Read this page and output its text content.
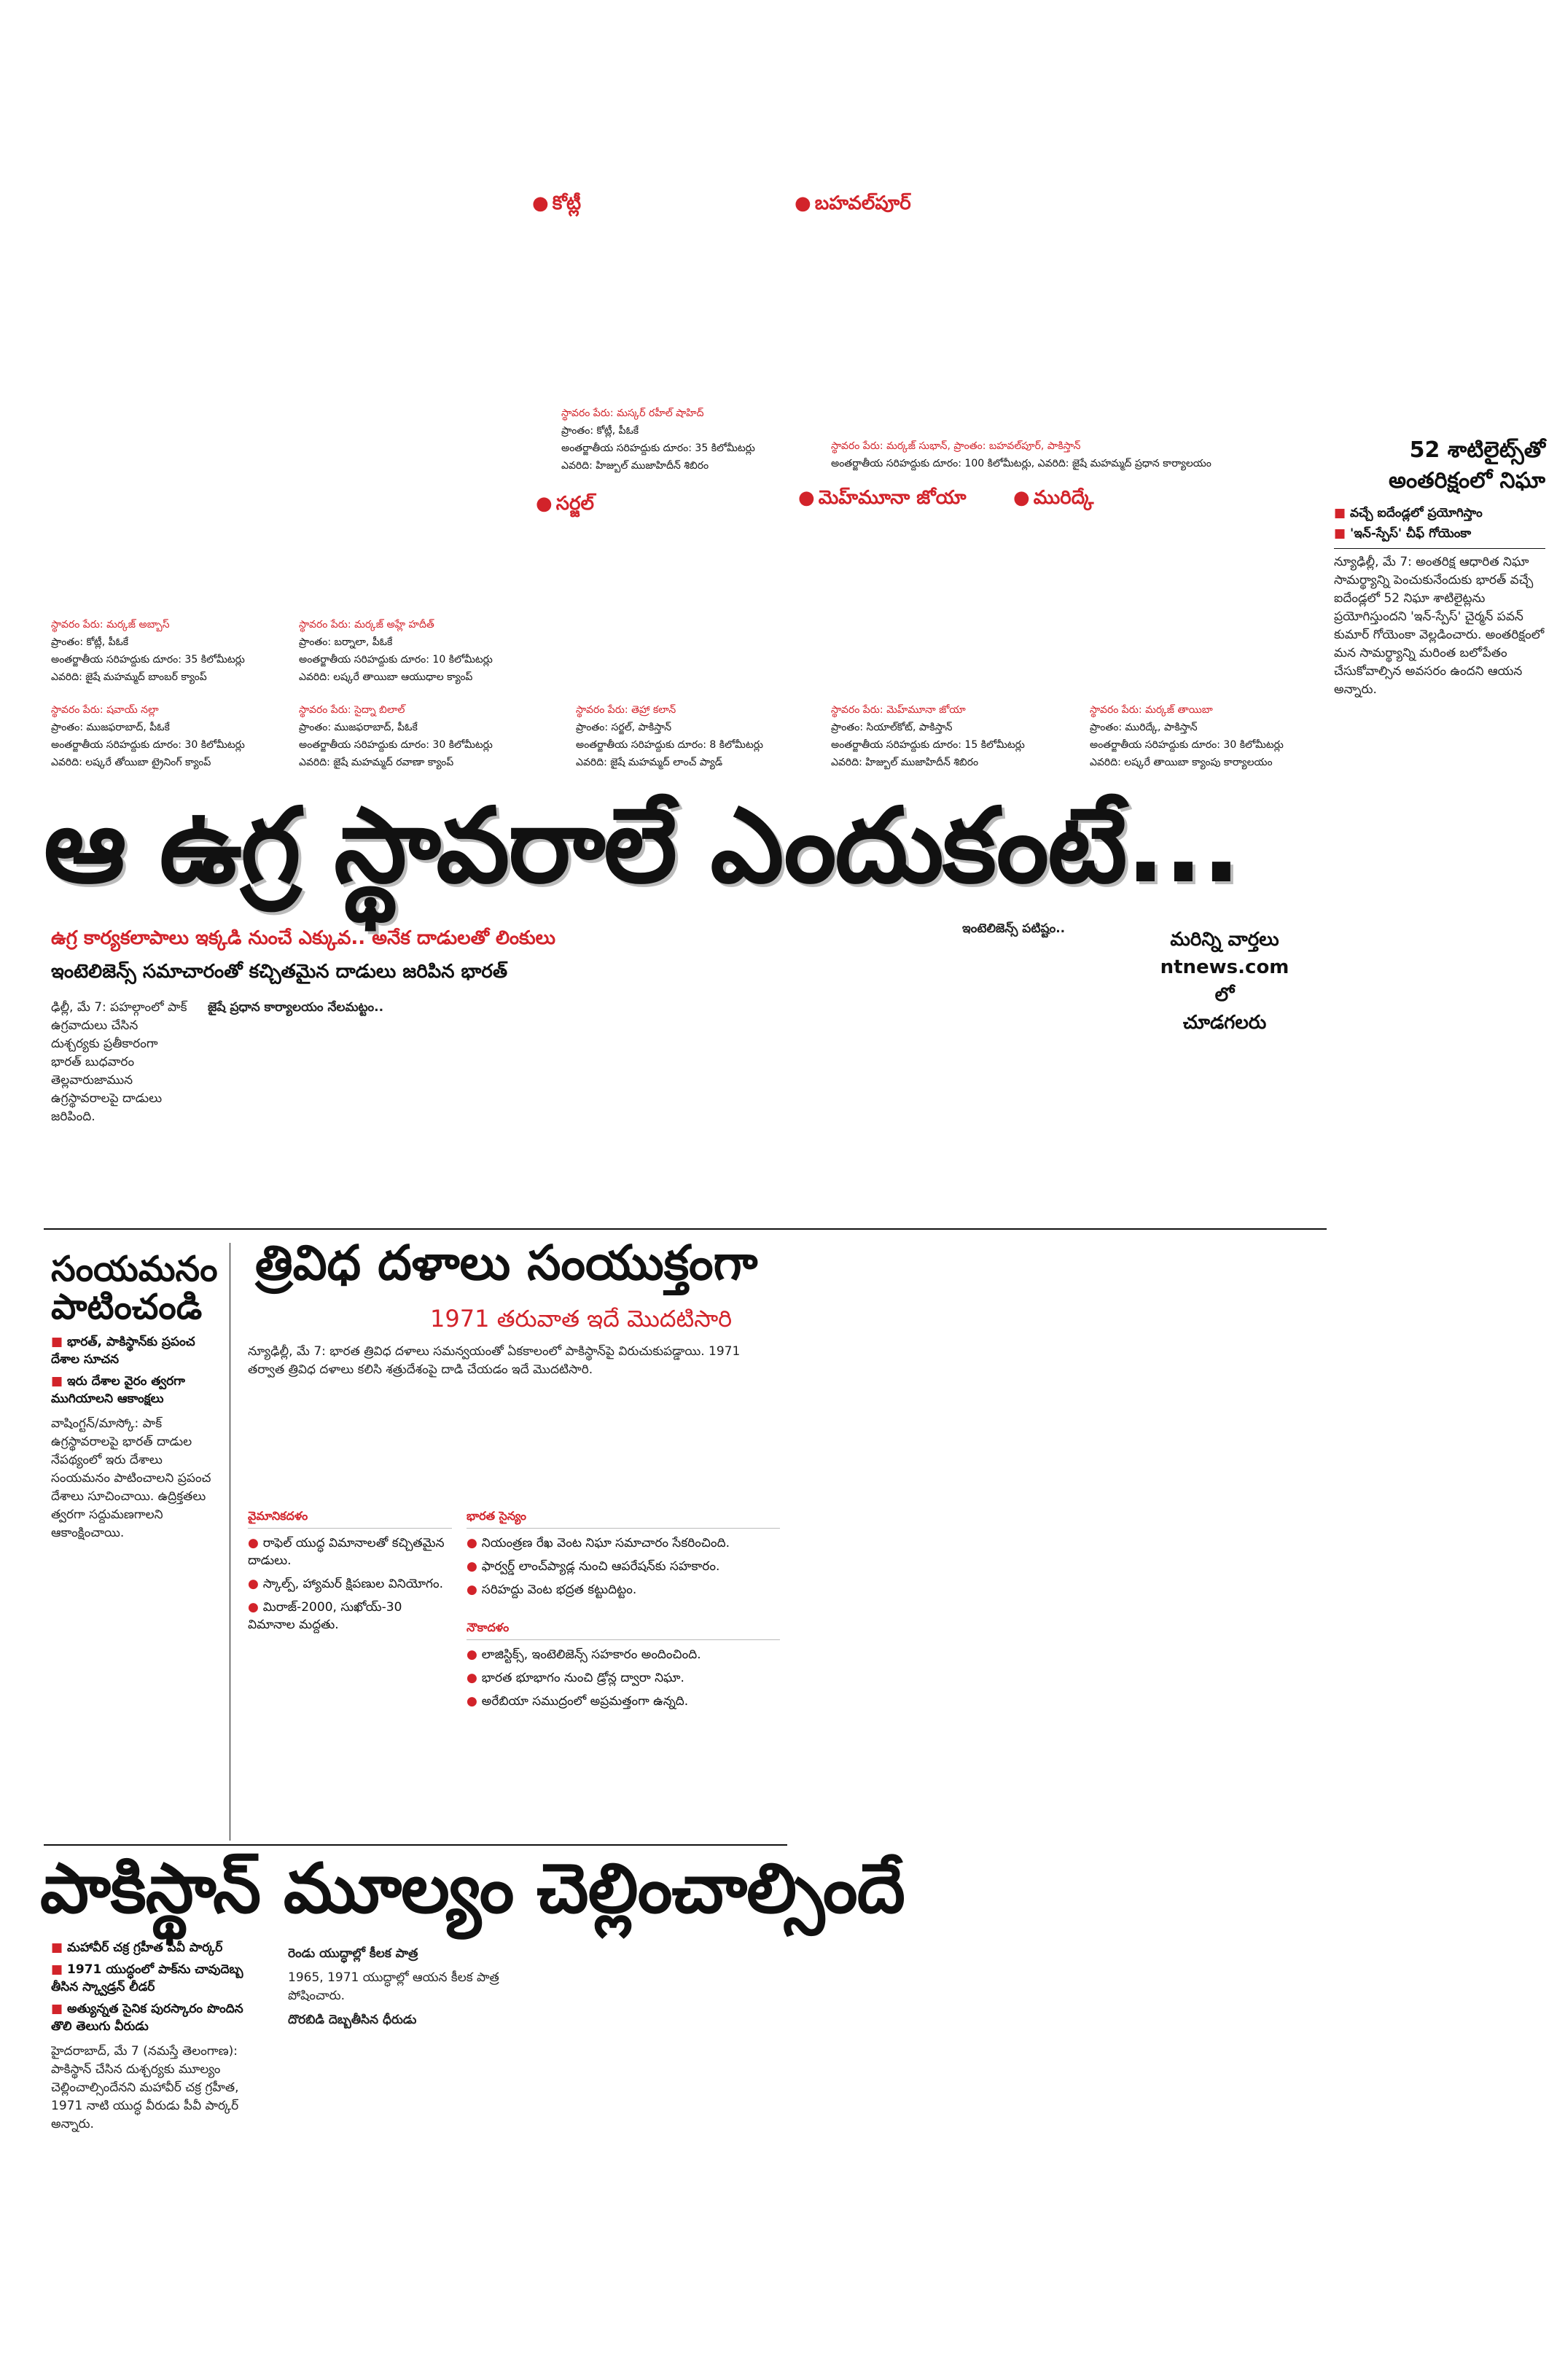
● కోట్లీ	● బహవల్‌పూర్
● సర్జల్	● మెహ్‌మూనా జోయా ● మురిద్కే
స్థావరం పేరు: మస్కర్ రహీల్ షాహిద్
ప్రాంతం: కోట్లీ, పీఓకే
అంతర్జాతీయ సరిహద్దుకు దూరం: 35 కిలోమీటర్లు
ఎవరిది: హిజ్బుల్ ముజాహిదీన్ శిబిరం
స్థావరం పేరు: మర్కజ్ సుభాన్, ప్రాంతం: బహవల్‌పూర్, పాకిస్తాన్
అంతర్జాతీయ సరిహద్దుకు దూరం: 100 కిలోమీటర్లు, ఎవరిది: జైషే మహమ్మద్ ప్రధాన కార్యాలయం
స్థావరం పేరు: మర్కజ్ అబ్బాస్
ప్రాంతం: కోట్లీ, పీఓకే
అంతర్జాతీయ సరిహద్దుకు దూరం: 35 కిలోమీటర్లు
ఎవరిది: జైషే మహమ్మద్ బాంబర్ క్యాంప్
స్థావరం పేరు: మర్కజ్ అహ్లే హదీత్
ప్రాంతం: బర్నాలా, పీఓకే
అంతర్జాతీయ సరిహద్దుకు దూరం: 10 కిలోమీటర్లు
ఎవరిది: లష్కరే తాయిబా ఆయుధాల క్యాంప్
స్థావరం పేరు: షవాయ్ నల్లా
ప్రాంతం: ముజఫరాబాద్, పీఓకే
అంతర్జాతీయ సరిహద్దుకు దూరం: 30 కిలోమీటర్లు
ఎవరిది: లష్కరే తోయిబా ట్రైనింగ్ క్యాంప్
స్థావరం పేరు: సైద్నా బిలాల్
ప్రాంతం: ముజఫరాబాద్, పీఓకే
అంతర్జాతీయ సరిహద్దుకు దూరం: 30 కిలోమీటర్లు
ఎవరిది: జైషే మహమ్మద్ రవాణా క్యాంప్
స్థావరం పేరు: తెహ్రా కలాన్
ప్రాంతం: సర్జల్, పాకిస్తాన్
అంతర్జాతీయ సరిహద్దుకు దూరం: 8 కిలోమీటర్లు
ఎవరిది: జైషే మహమ్మద్ లాంచ్ ప్యాడ్
స్థావరం పేరు: మెహ్‌మూనా జోయా
ప్రాంతం: సియాల్‌కోట్, పాకిస్తాన్
అంతర్జాతీయ సరిహద్దుకు దూరం: 15 కిలోమీటర్లు
ఎవరిది: హిజ్బుల్ ముజాహిదీన్ శిబిరం
స్థావరం పేరు: మర్కజ్ తాయిబా
ప్రాంతం: మురిద్కే, పాకిస్తాన్
అంతర్జాతీయ సరిహద్దుకు దూరం: 30 కిలోమీటర్లు
ఎవరిది: లష్కరే తాయిబా క్యాంపు కార్యాలయం
52 శాటిలైట్స్‌తో
అంతరిక్షంలో నిఘా
■ వచ్చే ఐదేండ్లలో ప్రయోగిస్తాం
■ 'ఇన్-స్పేస్' చీఫ్ గోయెంకా
న్యూఢిల్లీ, మే 7: అంతరిక్ష ఆధారిత నిఘా సామర్థ్యాన్ని పెంచుకునేందుకు భారత్ వచ్చే ఐదేండ్లలో 52 నిఘా శాటిలైట్లను ప్రయోగిస్తుందని 'ఇన్-స్పేస్' చైర్మన్ పవన్ కుమార్ గోయెంకా వెల్లడించారు. అంతరిక్షంలో మన సామర్థ్యాన్ని మరింత బలోపేతం చేసుకోవాల్సిన అవసరం ఉందని ఆయన అన్నారు.
ఆ ఉగ్ర స్థావరాలే ఎందుకంటే...
ఉగ్ర కార్యకలాపాలు ఇక్కడి నుంచే ఎక్కువ.. అనేక దాడులతో లింకులు
ఇంటెలిజెన్స్ సమాచారంతో కచ్చితమైన దాడులు జరిపిన భారత్
ఢిల్లీ, మే 7: పహల్గాంలో పాక్ ఉగ్రవాదులు చేసిన దుశ్చర్యకు ప్రతీకారంగా భారత్ బుధవారం తెల్లవారుజామున ఉగ్రస్థావరాలపై దాడులు జరిపింది.
జైషే ప్రధాన కార్యాలయం నేలమట్టం..
ఇంటెలిజెన్స్ పటిష్టం..	మరిన్ని వార్తలు
ntnews.com లో
చూడగలరు
సంయమనం
పాటించండి
■ భారత్, పాకిస్థాన్‌కు ప్రపంచ దేశాల సూచన
■ ఇరు దేశాల వైరం త్వరగా ముగియాలని ఆకాంక్షలు
వాషింగ్టన్/మాస్కో: పాక్ ఉగ్రస్థావరాలపై భారత్ దాడుల నేపథ్యంలో ఇరు దేశాలు సంయమనం పాటించాలని ప్రపంచ దేశాలు సూచించాయి. ఉద్రిక్తతలు త్వరగా సద్దుమణగాలని ఆకాంక్షించాయి.
త్రివిధ దళాలు సంయుక్తంగా
1971 తరువాత ఇదే మొదటిసారి
న్యూఢిల్లీ, మే 7: భారత త్రివిధ దళాలు సమన్వయంతో ఏకకాలంలో పాకిస్థాన్‌పై విరుచుకుపడ్డాయి. 1971 తర్వాత త్రివిధ దళాలు కలిసి శత్రుదేశంపై దాడి చేయడం ఇదే మొదటిసారి.
వైమానికదళం
● రాఫెల్ యుద్ధ విమానాలతో కచ్చితమైన దాడులు.
● స్కాల్ప్, హ్యామర్ క్షిపణుల వినియోగం.
● మిరాజ్-2000, సుఖోయ్-30 విమానాల మద్దతు.
భారత సైన్యం
● నియంత్రణ రేఖ వెంట నిఘా సమాచారం సేకరించింది.
● ఫార్వర్డ్ లాంచ్‌ప్యాడ్ల నుంచి ఆపరేషన్‌కు సహకారం.
● సరిహద్దు వెంట భద్రత కట్టుదిట్టం.
నౌకాదళం
● లాజిస్టిక్స్, ఇంటెలిజెన్స్ సహకారం అందించింది.
● భారత భూభాగం నుంచి డ్రోన్ల ద్వారా నిఘా.
● అరేబియా సముద్రంలో అప్రమత్తంగా ఉన్నది.
పాకిస్థాన్ మూల్యం చెల్లించాల్సిందే
■ మహావీర్ చక్ర గ్రహీత పీవీ పార్కర్
■ 1971 యుద్ధంలో పాక్‌ను చావుదెబ్బ తీసిన స్క్వాడ్రన్ లీడర్
■ అత్యున్నత సైనిక పురస్కారం పొందిన తొలి తెలుగు వీరుడు
హైదరాబాద్, మే 7 (నమస్తే తెలంగాణ): పాకిస్థాన్ చేసిన దుశ్చర్యకు మూల్యం చెల్లించాల్సిందేనని మహావీర్ చక్ర గ్రహీత, 1971 నాటి యుద్ధ వీరుడు పీవీ పార్కర్ అన్నారు.
రెండు యుద్ధాల్లో కీలక పాత్ర

1965, 1971 యుద్ధాల్లో ఆయన కీలక పాత్ర పోషించారు.

దొరబిడి దెబ్బతీసిన ధీరుడు
